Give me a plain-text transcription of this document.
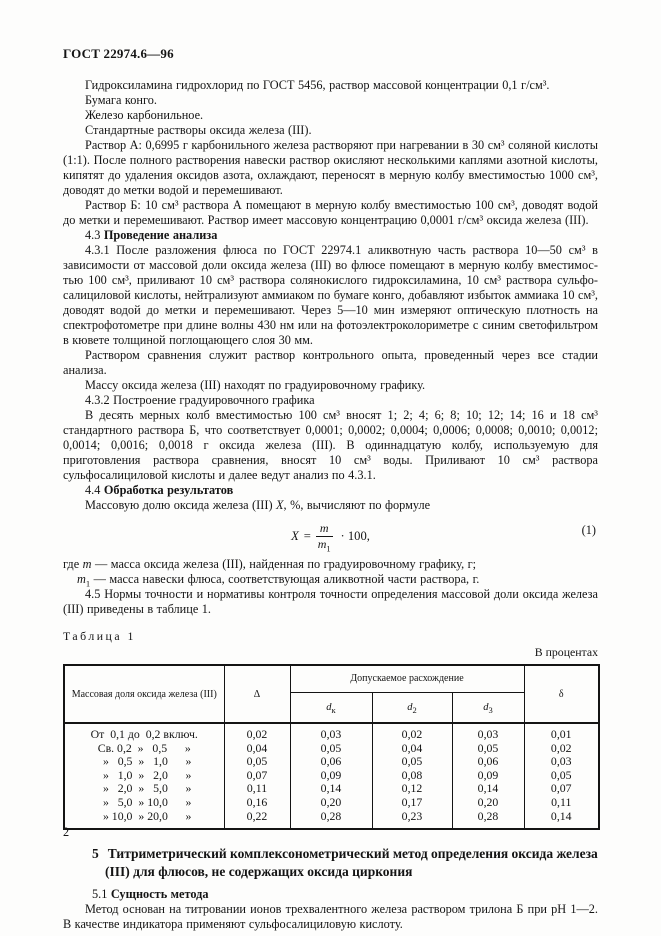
ГОСТ 22974.6—96

Гидроксиламина гидрохлорид по ГОСТ 5456, раствор массовой концентрации 0,1 г/см³.

Бумага конго.

Железо карбонильное.

Стандартные растворы оксида железа (III).

Раствор А: 0,6995 г карбонильного железа растворяют при нагревании в 30 см³ соляной кислоты (1:1). После полного растворения навески раствор окисляют несколькими каплями азотной кислоты, кипятят до удаления оксидов азота, охлаждают, переносят в мерную колбу вместимостью 1000 см³, доводят до метки водой и перемешивают.

Раствор Б: 10 см³ раствора А помещают в мерную колбу вместимостью 100 см³, доводят водой до метки и перемешивают. Раствор имеет массовую концентрацию 0,0001 г/см³ оксида железа (III).

4.3 Проведение анализа

4.3.1 После разложения флюса по ГОСТ 22974.1 аликвотную часть раствора 10—50 см³ в зависимости от массовой доли оксида железа (III) во флюсе помещают в мерную колбу вместимостью 100 см³, приливают 10 см³ раствора солянокислого гидроксиламина, 10 см³ раствора сульфосалициловой кислоты, нейтрализуют аммиаком по бумаге конго, добавляют избыток аммиака 10 см³, доводят водой до метки и перемешивают. Через 5—10 мин измеряют оптическую плотность на спектрофотометре при длине волны 430 нм или на фотоэлектроколориметре с синим светофильтром в кювете толщиной поглощающего слоя 30 мм.

Раствором сравнения служит раствор контрольного опыта, проведенный через все стадии анализа.

Массу оксида железа (III) находят по градуировочному графику.

4.3.2 Построение градуировочного графика

В десять мерных колб вместимостью 100 см³ вносят 1; 2; 4; 6; 8; 10; 12; 14; 16 и 18 см³ стандартного раствора Б, что соответствует 0,0001; 0,0002; 0,0004; 0,0006; 0,0008; 0,0010; 0,0012; 0,0014; 0,0016; 0,0018 г оксида железа (III). В одиннадцатую колбу, используемую для приготовления раствора сравнения, вносят 10 см³ воды. Приливают 10 см³ раствора сульфосалициловой кислоты и далее ведут анализ по 4.3.1.

4.4 Обработка результатов

Массовую долю оксида железа (III) X, %, вычисляют по формуле

$X = \frac{m}{m_1} \cdot 100$,	(1)

где m — масса оксида железа (III), найденная по градуировочному графику, г;

$m_1$ — масса навески флюса, соответствующая аликвотной части раствора, г.

4.5 Нормы точности и нормативы контроля точности определения массовой доли оксида железа (III) приведены в таблице 1.

Таблица 1
В процентах
Массовая доля оксида железа (III)	Δ	Допускаемое расхождение			δ
		$d_к$	$d_2$	$d_3$
От  0,1 до  0,2 включ.	0,02	0,03	0,02	0,03	0,01
Св. 0,2  »   0,5      »	0,04	0,05	0,04	0,05	0,02
»   0,5  »   1,0      »	0,05	0,06	0,05	0,06	0,03
»   1,0  »   2,0      »	0,07	0,09	0,08	0,09	0,05
»   2,0  »   5,0      »	0,11	0,14	0,12	0,14	0,07
»   5,0  » 10,0      »	0,16	0,20	0,17	0,20	0,11
» 10,0  » 20,0      »	0,22	0,28	0,23	0,28	0,14

5 Титриметрический комплексонометрический метод определения оксида железа (III) для флюсов, не содержащих оксида циркония

5.1 Сущность метода

Метод основан на титровании ионов трехвалентного железа раствором трилона Б при рН 1—2. В качестве индикатора применяют сульфосалициловую кислоту.

2
